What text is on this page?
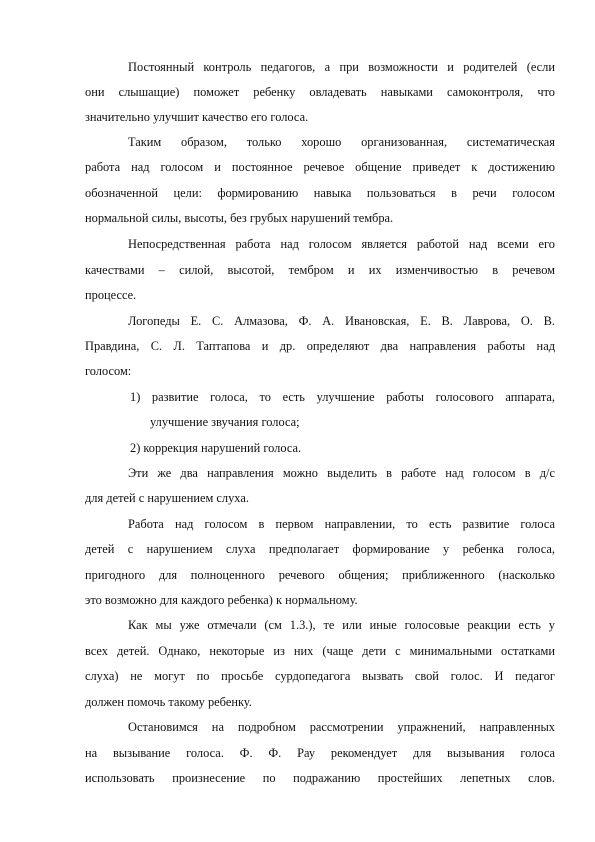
Постоянный контроль педагогов, а при возможности и родителей (если
они слышащие) поможет ребенку овладевать навыками самоконтроля, что
значительно улучшит качество его голоса.
Таким образом, только хорошо организованная, систематическая
работа над голосом и постоянное речевое общение приведет к достижению
обозначенной цели: формированию навыка пользоваться в речи голосом
нормальной силы, высоты, без грубых нарушений тембра.
Непосредственная работа над голосом является работой над всеми его
качествами – силой, высотой, тембром и их изменчивостью в речевом
процессе.
Логопеды Е. С. Алмазова, Ф. А. Ивановская, Е. В. Лаврова, О. В.
Правдина, С. Л. Таптапова и др. определяют два направления работы над
голосом:
1) развитие голоса, то есть улучшение работы голосового аппарата,
улучшение звучания голоса;
2) коррекция нарушений голоса.
Эти же два направления можно выделить в работе над голосом в д/с
для детей с нарушением слуха.
Работа над голосом в первом направлении, то есть развитие голоса
детей с нарушением слуха предполагает формирование у ребенка голоса,
пригодного для полноценного речевого общения; приближенного (насколько
это возможно для каждого ребенка) к нормальному.
Как мы уже отмечали (см 1.3.), те или иные голосовые реакции есть у
всех детей. Однако, некоторые из них (чаще дети с минимальными остатками
слуха) не могут по просьбе сурдопедагога вызвать свой голос. И педагог
должен помочь такому ребенку.
Остановимся на подробном рассмотрении упражнений, направленных
на вызывание голоса. Ф. Ф. Рау рекомендует для вызывания голоса
использовать произнесение по подражанию простейших лепетных слов.
